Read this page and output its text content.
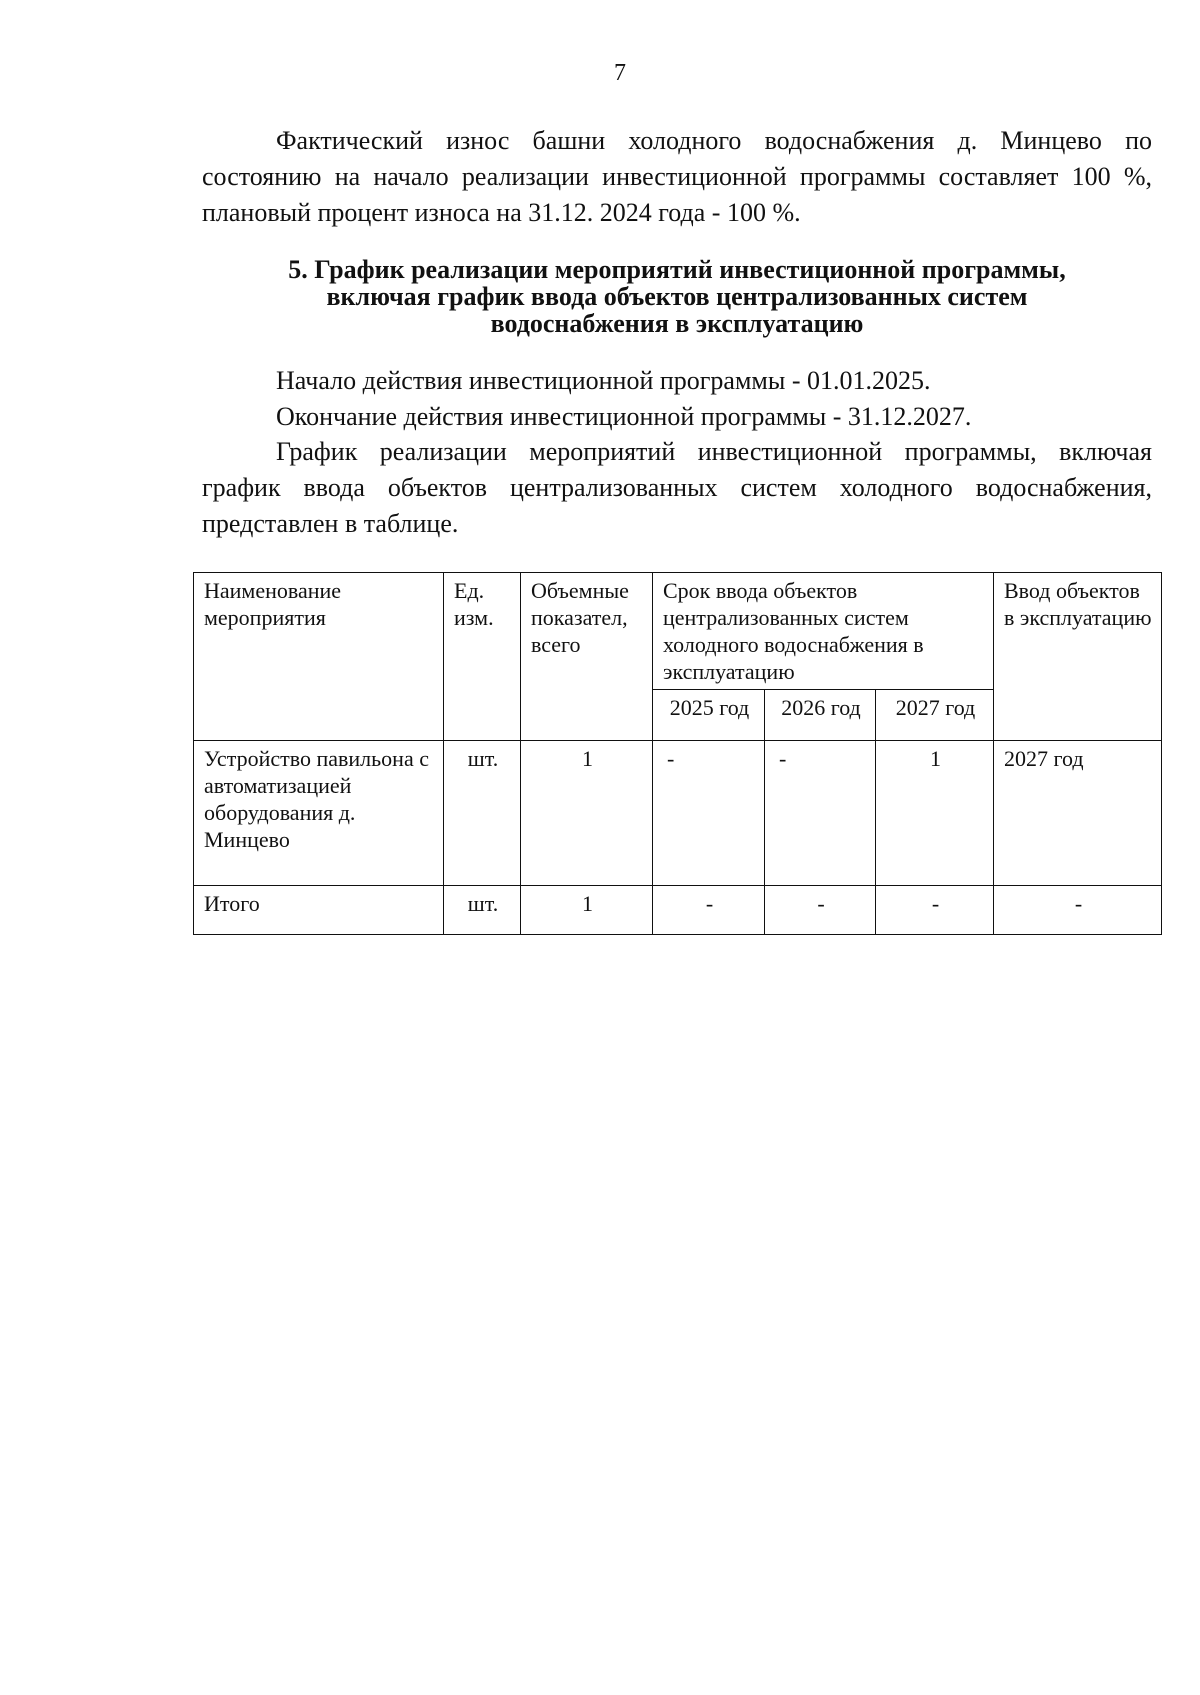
7

Фактический износ башни холодного водоснабжения д. Минцево по состоянию на начало реализации инвестиционной программы составляет 100 %, плановый процент износа на 31.12. 2024 года - 100 %.

5. График реализации мероприятий инвестиционной программы,
включая график ввода объектов централизованных систем
водоснабжения в эксплуатацию

Начало действия инвестиционной программы - 01.01.2025.

Окончание действия инвестиционной программы - 31.12.2027.

График реализации мероприятий инвестиционной программы, включая график ввода объектов централизованных систем холодного водоснабжения, представлен в таблице.

Наименование мероприятия	Ед. изм.	Объемные показател, всего	Срок ввода объектов централизованных систем холодного водоснабжения в эксплуатацию			Ввод объектов в эксплуатацию
			2025 год	2026 год	2027 год	
Устройство павильона с автоматизацией оборудования д. Минцево	шт.	1	-	-	1	2027 год
Итого	шт.	1	-	-	-	-
